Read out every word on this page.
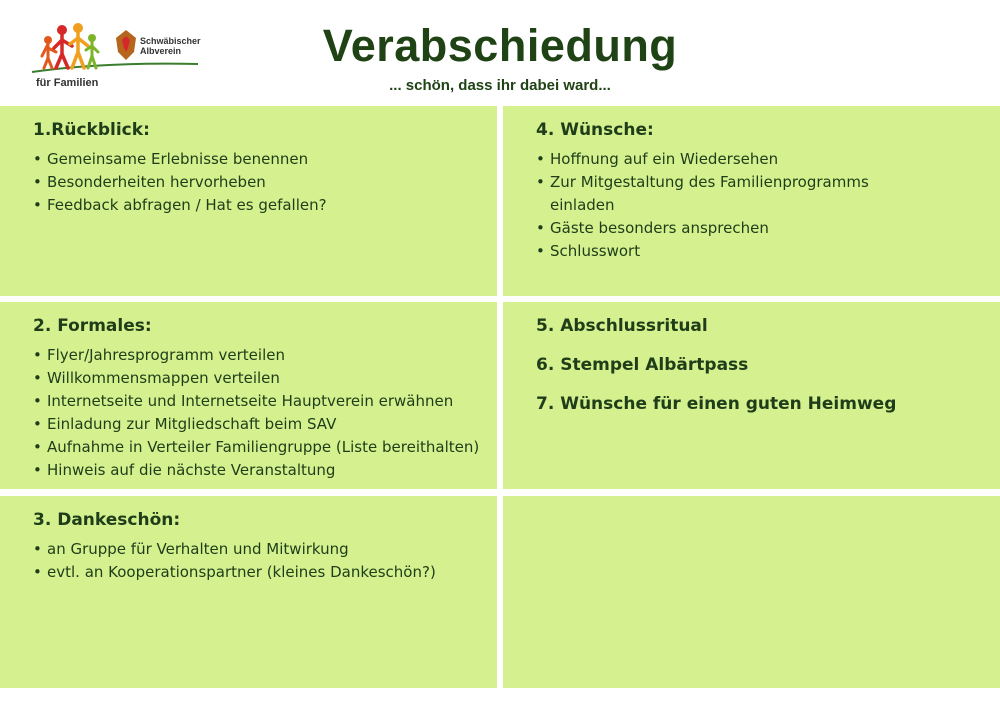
Schwäbischer
Albverein
für Familien
Verabschiedung
... schön, dass ihr dabei ward...
1.Rückblick:
• Gemeinsame Erlebnisse benennen
• Besonderheiten hervorheben
• Feedback abfragen / Hat es gefallen?
4. Wünsche:
• Hoffnung auf ein Wiedersehen
• Zur Mitgestaltung des Familienprogramms einladen
• Gäste besonders ansprechen
• Schlusswort
2. Formales:
• Flyer/Jahresprogramm verteilen
• Willkommensmappen verteilen
• Internetseite und Internetseite Hauptverein erwähnen
• Einladung zur Mitgliedschaft beim SAV
• Aufnahme in Verteiler Familiengruppe (Liste bereithalten)
• Hinweis auf die nächste Veranstaltung
5. Abschlussritual
6. Stempel Albärtpass
7. Wünsche für einen guten Heimweg
3. Dankeschön:
• an Gruppe für Verhalten und Mitwirkung
• evtl. an Kooperationspartner (kleines Dankeschön?)
